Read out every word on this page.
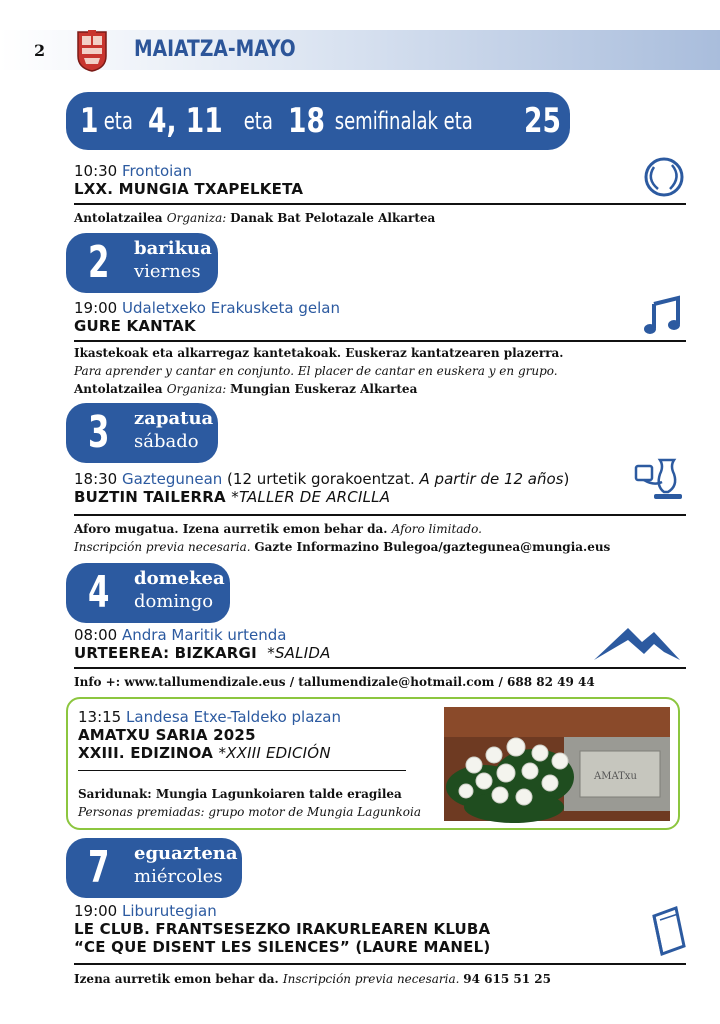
2	MAIATZA-MAYO
1 eta 4, 11 eta 18 semifinalak eta 25 finalak
10:30 Frontoian
LXX. MUNGIA TXAPELKETA
Antolatzailea Organiza: Danak Bat Pelotazale Alkartea
2 barikua
viernes
19:00 Udaletxeko Erakusketa gelan
GURE KANTAK
Ikastekoak eta alkarregaz kantetakoak. Euskeraz kantatzearen plazerra.
Para aprender y cantar en conjunto. El placer de cantar en euskera y en grupo.
Antolatzailea Organiza: Mungian Euskeraz Alkartea
3 zapatua
sábado
18:30 Gaztegunean (12 urtetik gorakoentzat. A partir de 12 años)
BUZTIN TAILERRA *TALLER DE ARCILLA
Aforo mugatua. Izena aurretik emon behar da. Aforo limitado.
Inscripción previa necesaria. Gazte Informazino Bulegoa/gaztegunea@mungia.eus
4 domekea
domingo
08:00 Andra Maritik urtenda
URTEEREA: BIZKARGI  *SALIDA
Info +: www.tallumendizale.eus / tallumendizale@hotmail.com / 688 82 49 44
13:15 Landesa Etxe-Taldeko plazan
AMATXU SARIA 2025
XXIII. EDIZINOA *XXIII EDICIÓN
Saridunak: Mungia Lagunkoiaren talde eragilea
Personas premiadas: grupo motor de Mungia Lagunkoia
AMATxu
7 eguaztena
miércoles
19:00 Liburutegian
LE CLUB. FRANTSESEZKO IRAKURLEAREN KLUBA
“CE QUE DISENT LES SILENCES” (LAURE MANEL)
Izena aurretik emon behar da. Inscripción previa necesaria. 94 615 51 25
